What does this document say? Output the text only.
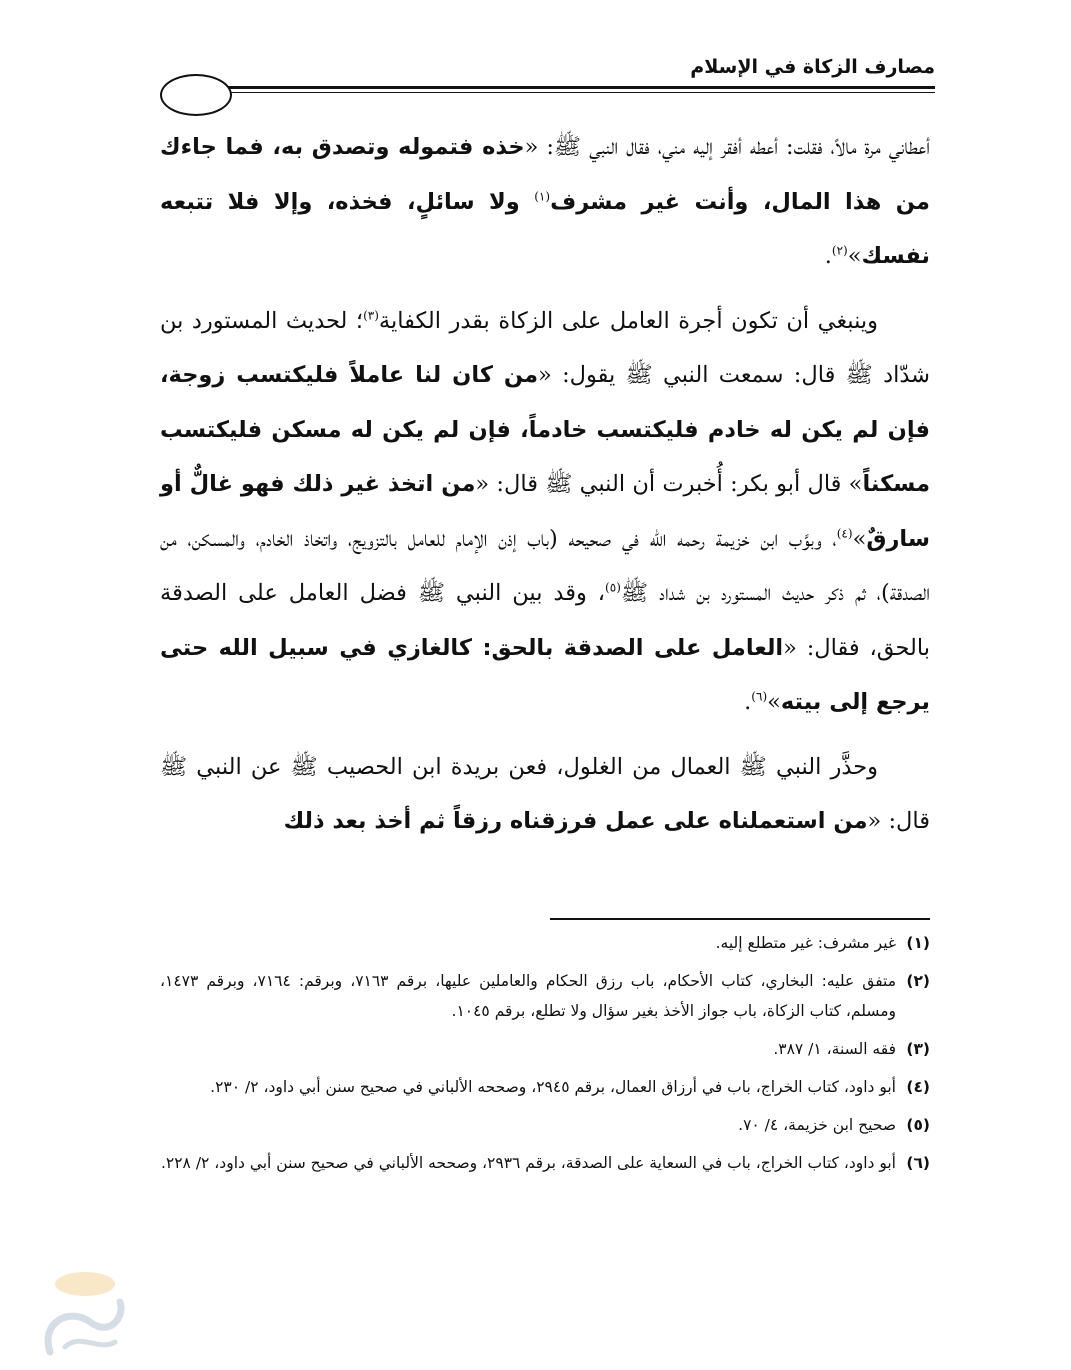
مصارف الزكاة في الإسلام

أعطاني مرة مالاً، فقلت: أعطه أفقر إليه مني، فقال النبي ﷺ: «خذه فتموله وتصدق به، فما جاءك من هذا المال، وأنت غير مشرف$^{(١)}$ ولا سائلٍ، فخذه، وإلا فلا تتبعه نفسك»$^{(٢)}$.

وينبغي أن تكون أجرة العامل على الزكاة بقدر الكفاية$^{(٣)}$؛ لحديث المستورد بن شدّاد ﷺ قال: سمعت النبي ﷺ يقول: «من كان لنا عاملاً فليكتسب زوجة، فإن لم يكن له خادم فليكتسب خادماً، فإن لم يكن له مسكن فليكتسب مسكناً» قال أبو بكر: أُخبرت أن النبي ﷺ قال: «من اتخذ غير ذلك فهو غالٌّ أو سارقٌ»$^{(٤)}$، وبوَّب ابن خزيمة رحمه الله في صحيحه (باب إذن الإمام للعامل بالتزويج، واتخاذ الخادم، والمسكن، من الصدقة)، ثم ذكر حديث المستورد بن شداد ﷺ$^{(٥)}$، وقد بين النبي ﷺ فضل العامل على الصدقة بالحق، فقال: «العامل على الصدقة بالحق: كالغازي في سبيل الله حتى يرجع إلى بيته»$^{(٦)}$.

وحذَّر النبي ﷺ العمال من الغلول، فعن بريدة ابن الحصيب ﷺ عن النبي ﷺ قال: «من استعملناه على عمل فرزقناه رزقاً ثم أخذ بعد ذلك

(١)
غير مشرف: غير متطلع إليه.
(٢)
متفق عليه: البخاري، كتاب الأحكام، باب رزق الحكام والعاملين عليها، برقم ٧١٦٣، وبرقم: ٧١٦٤، وبرقم ١٤٧٣، ومسلم، كتاب الزكاة، باب جواز الأخذ بغير سؤال ولا تطلع، برقم ١٠٤٥.
(٣)
فقه السنة، ١/ ٣٨٧.
(٤)
أبو داود، كتاب الخراج، باب في أرزاق العمال، برقم ٢٩٤٥، وصححه الألباني في صحيح سنن أبي داود، ٢/ ٢٣٠.
(٥)
صحيح ابن خزيمة، ٤/ ٧٠.
(٦)
أبو داود، كتاب الخراج، باب في السعاية على الصدقة، برقم ٢٩٣٦، وصححه الألباني في صحيح سنن أبي داود، ٢/ ٢٢٨.
